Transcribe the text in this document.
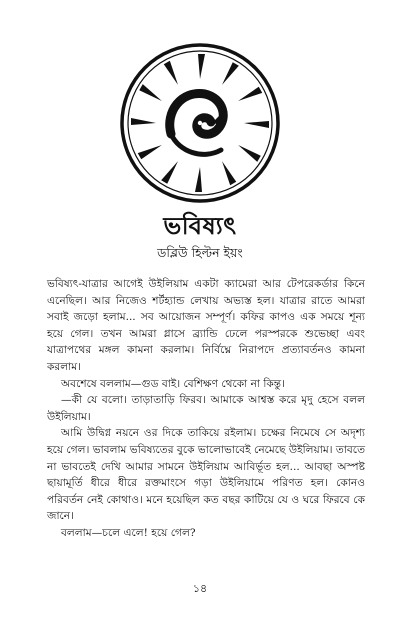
ভবিষ্যৎ
ডব্লিউ হিল্টন ইয়ং

ভবিষ্যৎ-যাত্রার আগেই উইলিয়াম একটা ক্যামেরা আর টেপরেকর্ডার কিনে এনেছিল। আর নিজেও শর্টহ্যান্ড লেখায় অভ্যস্ত হল। যাত্রার রাতে আমরা সবাই জড়ো হলাম... সব আয়োজন সম্পূর্ণ। কফির কাপও এক সময়ে শূন্য হয়ে গেল। তখন আমরা গ্লাসে ব্র্যান্ডি ঢেলে পরস্পরকে শুভেচ্ছা এবং যাত্রাপথের মঙ্গল কামনা করলাম। নির্বিঘ্নে নিরাপদে প্রত্যাবর্তনও কামনা করলাম।

অবশেষে বললাম—গুড বাই। বেশিক্ষণ থেকো না কিন্তু।

—কী যে বলো। তাড়াতাড়ি ফিরব। আমাকে আশ্বস্ত করে মৃদু হেসে বলল উইলিয়াম।

আমি উদ্বিগ্ন নয়নে ওর দিকে তাকিয়ে রইলাম। চক্ষের নিমেষে সে অদৃশ্য হয়ে গেল। ভাবলাম ভবিষ্যতের বুকে ভালোভাবেই নেমেছে উইলিয়াম। তাবতে না ভাবতেই দেখি আমার সামনে উইলিয়াম আবির্ভূত হল... আবছা অস্পষ্ট ছায়ামূর্তি ধীরে ধীরে রক্তমাংসে গড়া উইলিয়ামে পরিণত হল। কোনও পরিবর্তন নেই কোথাও। মনে হয়েছিল কত বছর কাটিয়ে যে ও ঘরে ফিরবে কে জানে।

বললাম—চলে এলে! হয়ে গেল?

১৪
